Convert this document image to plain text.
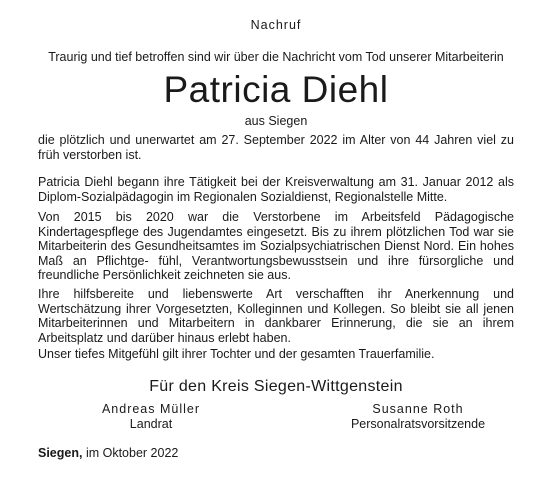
Nachruf
Traurig und tief betroffen sind wir über die Nachricht vom Tod unserer Mitarbeiterin
Patricia Diehl
aus Siegen

die plötzlich und unerwartet am 27. September 2022 im Alter von 44 Jahren viel zu früh verstorben ist.

Patricia Diehl begann ihre Tätigkeit bei der Kreisverwaltung am 31. Januar 2012 als Diplom-Sozialpädagogin im Regionalen Sozialdienst, Regionalstelle Mitte.

Von 2015 bis 2020 war die Verstorbene im Arbeitsfeld Pädagogische Kindertagespflege des Jugendamtes eingesetzt. Bis zu ihrem plötzlichen Tod war sie Mitarbeiterin des Gesundheitsamtes im Sozialpsychiatrischen Dienst Nord. Ein hohes Maß an Pflichtge- fühl, Verantwortungsbewusstsein und ihre fürsorgliche und freundliche Persönlichkeit zeichneten sie aus.

Ihre hilfsbereite und liebenswerte Art verschafften ihr Anerkennung und Wertschätzung ihrer Vorgesetzten, Kolleginnen und Kollegen. So bleibt sie all jenen Mitarbeiterinnen und Mitarbeitern in dankbarer Erinnerung, die sie an ihrem Arbeitsplatz und darüber hinaus erlebt haben.

Unser tiefes Mitgefühl gilt ihrer Tochter und der gesamten Trauerfamilie.

Für den Kreis Siegen-Wittgenstein
Andreas Müller
Landrat
Susanne Roth
Personalratsvorsitzende
Siegen, im Oktober 2022
